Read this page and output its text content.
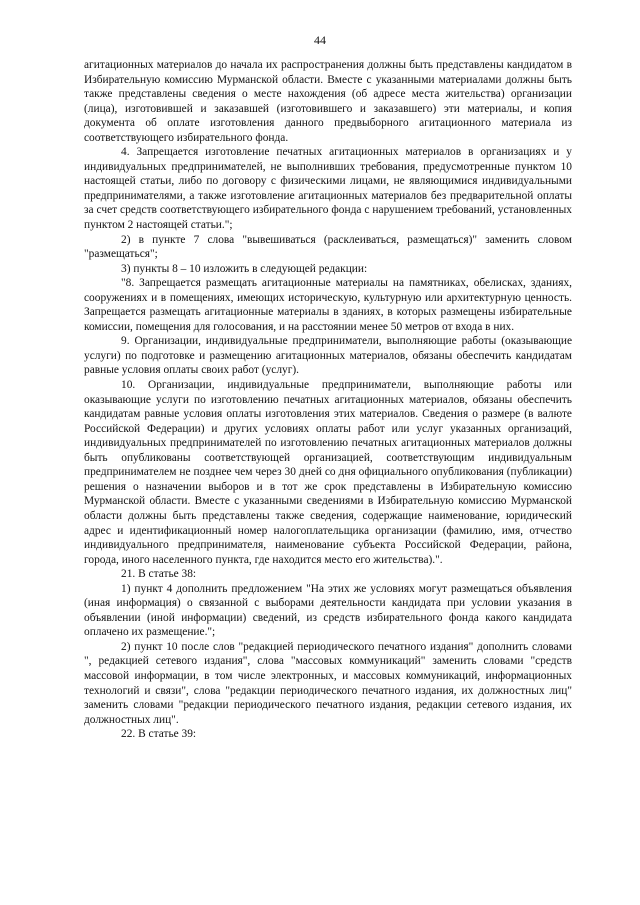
44

агитационных материалов до начала их распространения должны быть представлены кандидатом в Избирательную комиссию Мурманской области. Вместе с указанными материалами должны быть также представлены сведения о месте нахождения (об адресе места жительства) организации (лица), изготовившей и заказавшей (изготовившего и заказавшего) эти материалы, и копия документа об оплате изготовления данного предвыборного агитационного материала из соответствующего избирательного фонда.

4. Запрещается изготовление печатных агитационных материалов в организациях и у индивидуальных предпринимателей, не выполнивших требования, предусмотренные пунктом 10 настоящей статьи, либо по договору с физическими лицами, не являющимися индивидуальными предпринимателями, а также изготовление агитационных материалов без предварительной оплаты за счет средств соответствующего избирательного фонда с нарушением требований, установленных пунктом 2 настоящей статьи.";

2) в пункте 7 слова "вывешиваться (расклеиваться, размещаться)" заменить словом "размещаться";

3) пункты 8 – 10 изложить в следующей редакции:

"8. Запрещается размещать агитационные материалы на памятниках, обелисках, зданиях, сооружениях и в помещениях, имеющих историческую, культурную или архитектурную ценность. Запрещается размещать агитационные материалы в зданиях, в которых размещены избирательные комиссии, помещения для голосования, и на расстоянии менее 50 метров от входа в них.

9. Организации, индивидуальные предприниматели, выполняющие работы (оказывающие услуги) по подготовке и размещению агитационных материалов, обязаны обеспечить кандидатам равные условия оплаты своих работ (услуг).

10. Организации, индивидуальные предприниматели, выполняющие работы или оказывающие услуги по изготовлению печатных агитационных материалов, обязаны обеспечить кандидатам равные условия оплаты изготовления этих материалов. Сведения о размере (в валюте Российской Федерации) и других условиях оплаты работ или услуг указанных организаций, индивидуальных предпринимателей по изготовлению печатных агитационных материалов должны быть опубликованы соответствующей организацией, соответствующим индивидуальным предпринимателем не позднее чем через 30 дней со дня официального опубликования (публикации) решения о назначении выборов и в тот же срок представлены в Избирательную комиссию Мурманской области. Вместе с указанными сведениями в Избирательную комиссию Мурманской области должны быть представлены также сведения, содержащие наименование, юридический адрес и идентификационный номер налогоплательщика организации (фамилию, имя, отчество индивидуального предпринимателя, наименование субъекта Российской Федерации, района, города, иного населенного пункта, где находится место его жительства).".

21. В статье 38:

1) пункт 4 дополнить предложением "На этих же условиях могут размещаться объявления (иная информация) о связанной с выборами деятельности кандидата при условии указания в объявлении (иной информации) сведений, из средств избирательного фонда какого кандидата оплачено их размещение.";

2) пункт 10 после слов "редакцией периодического печатного издания" дополнить словами ", редакцией сетевого издания", слова "массовых коммуникаций" заменить словами "средств массовой информации, в том числе электронных, и массовых коммуникаций, информационных технологий и связи", слова "редакции периодического печатного издания, их должностных лиц" заменить словами "редакции периодического печатного издания, редакции сетевого издания, их должностных лиц".

22. В статье 39:
